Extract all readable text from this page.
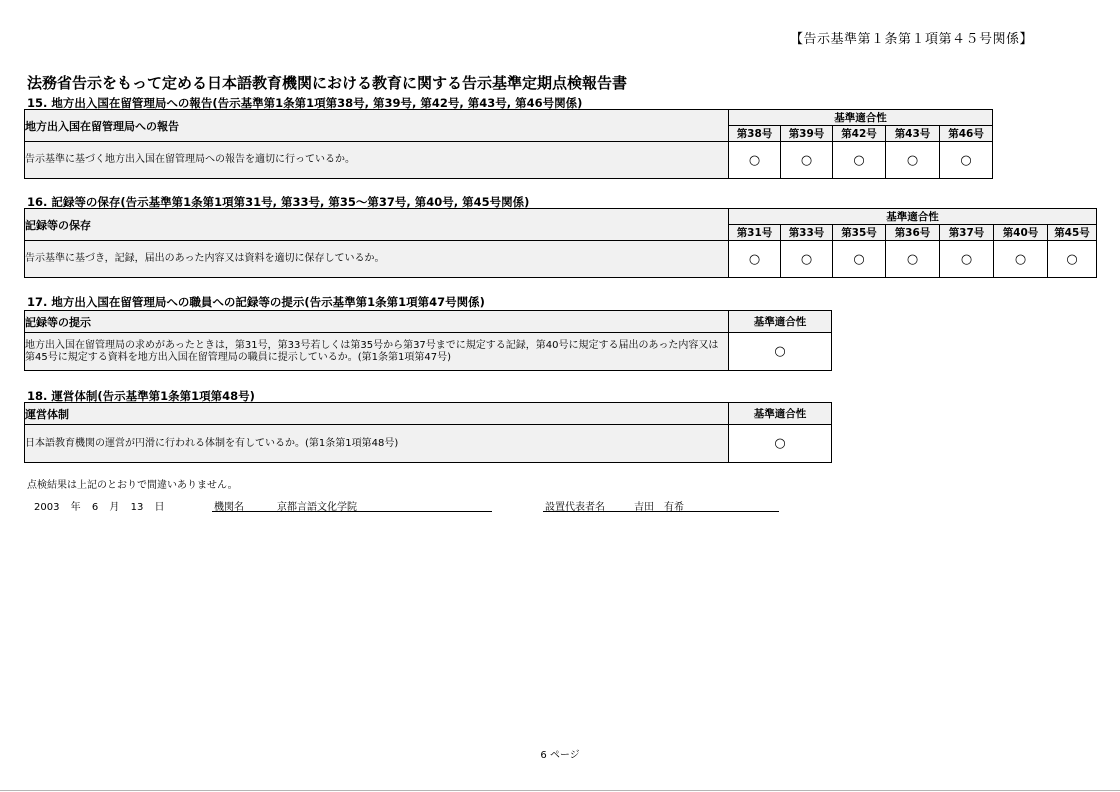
【告示基準第１条第１項第４５号関係】
法務省告示をもって定める日本語教育機関における教育に関する告示基準定期点検報告書
15. 地方出入国在留管理局への報告(告示基準第1条第1項第38号, 第39号, 第42号, 第43号, 第46号関係)
地方出入国在留管理局への報告	基準適合性				
	第38号	第39号	第42号	第43号	第46号
告示基準に基づく地方出入国在留管理局への報告を適切に行っているか。	○	○	○	○	○
16. 記録等の保存(告示基準第1条第1項第31号, 第33号, 第35～第37号, 第40号, 第45号関係)
記録等の保存	基準適合性						
	第31号	第33号	第35号	第36号	第37号	第40号	第45号
告示基準に基づき，記録，届出のあった内容又は資料を適切に保存しているか。	○	○	○	○	○	○	○
17. 地方出入国在留管理局への職員への記録等の提示(告示基準第1条第1項第47号関係)
記録等の提示	基準適合性
地方出入国在留管理局の求めがあったときは，第31号，第33号若しくは第35号から第37号までに規定する記録，第40号に規定する届出のあった内容又は第45号に規定する資料を地方出入国在留管理局の職員に提示しているか。(第1条第1項第47号)	○
18. 運営体制(告示基準第1条第1項第48号)
運営体制	基準適合性
日本語教育機関の運営が円滑に行われる体制を有しているか。(第1条第1項第48号)	○
点検結果は上記のとおりで間違いありません。
2003 年 6 月 13 日	機関名	京都言語文化学院	設置代表者名	吉田　有希
6 ページ
